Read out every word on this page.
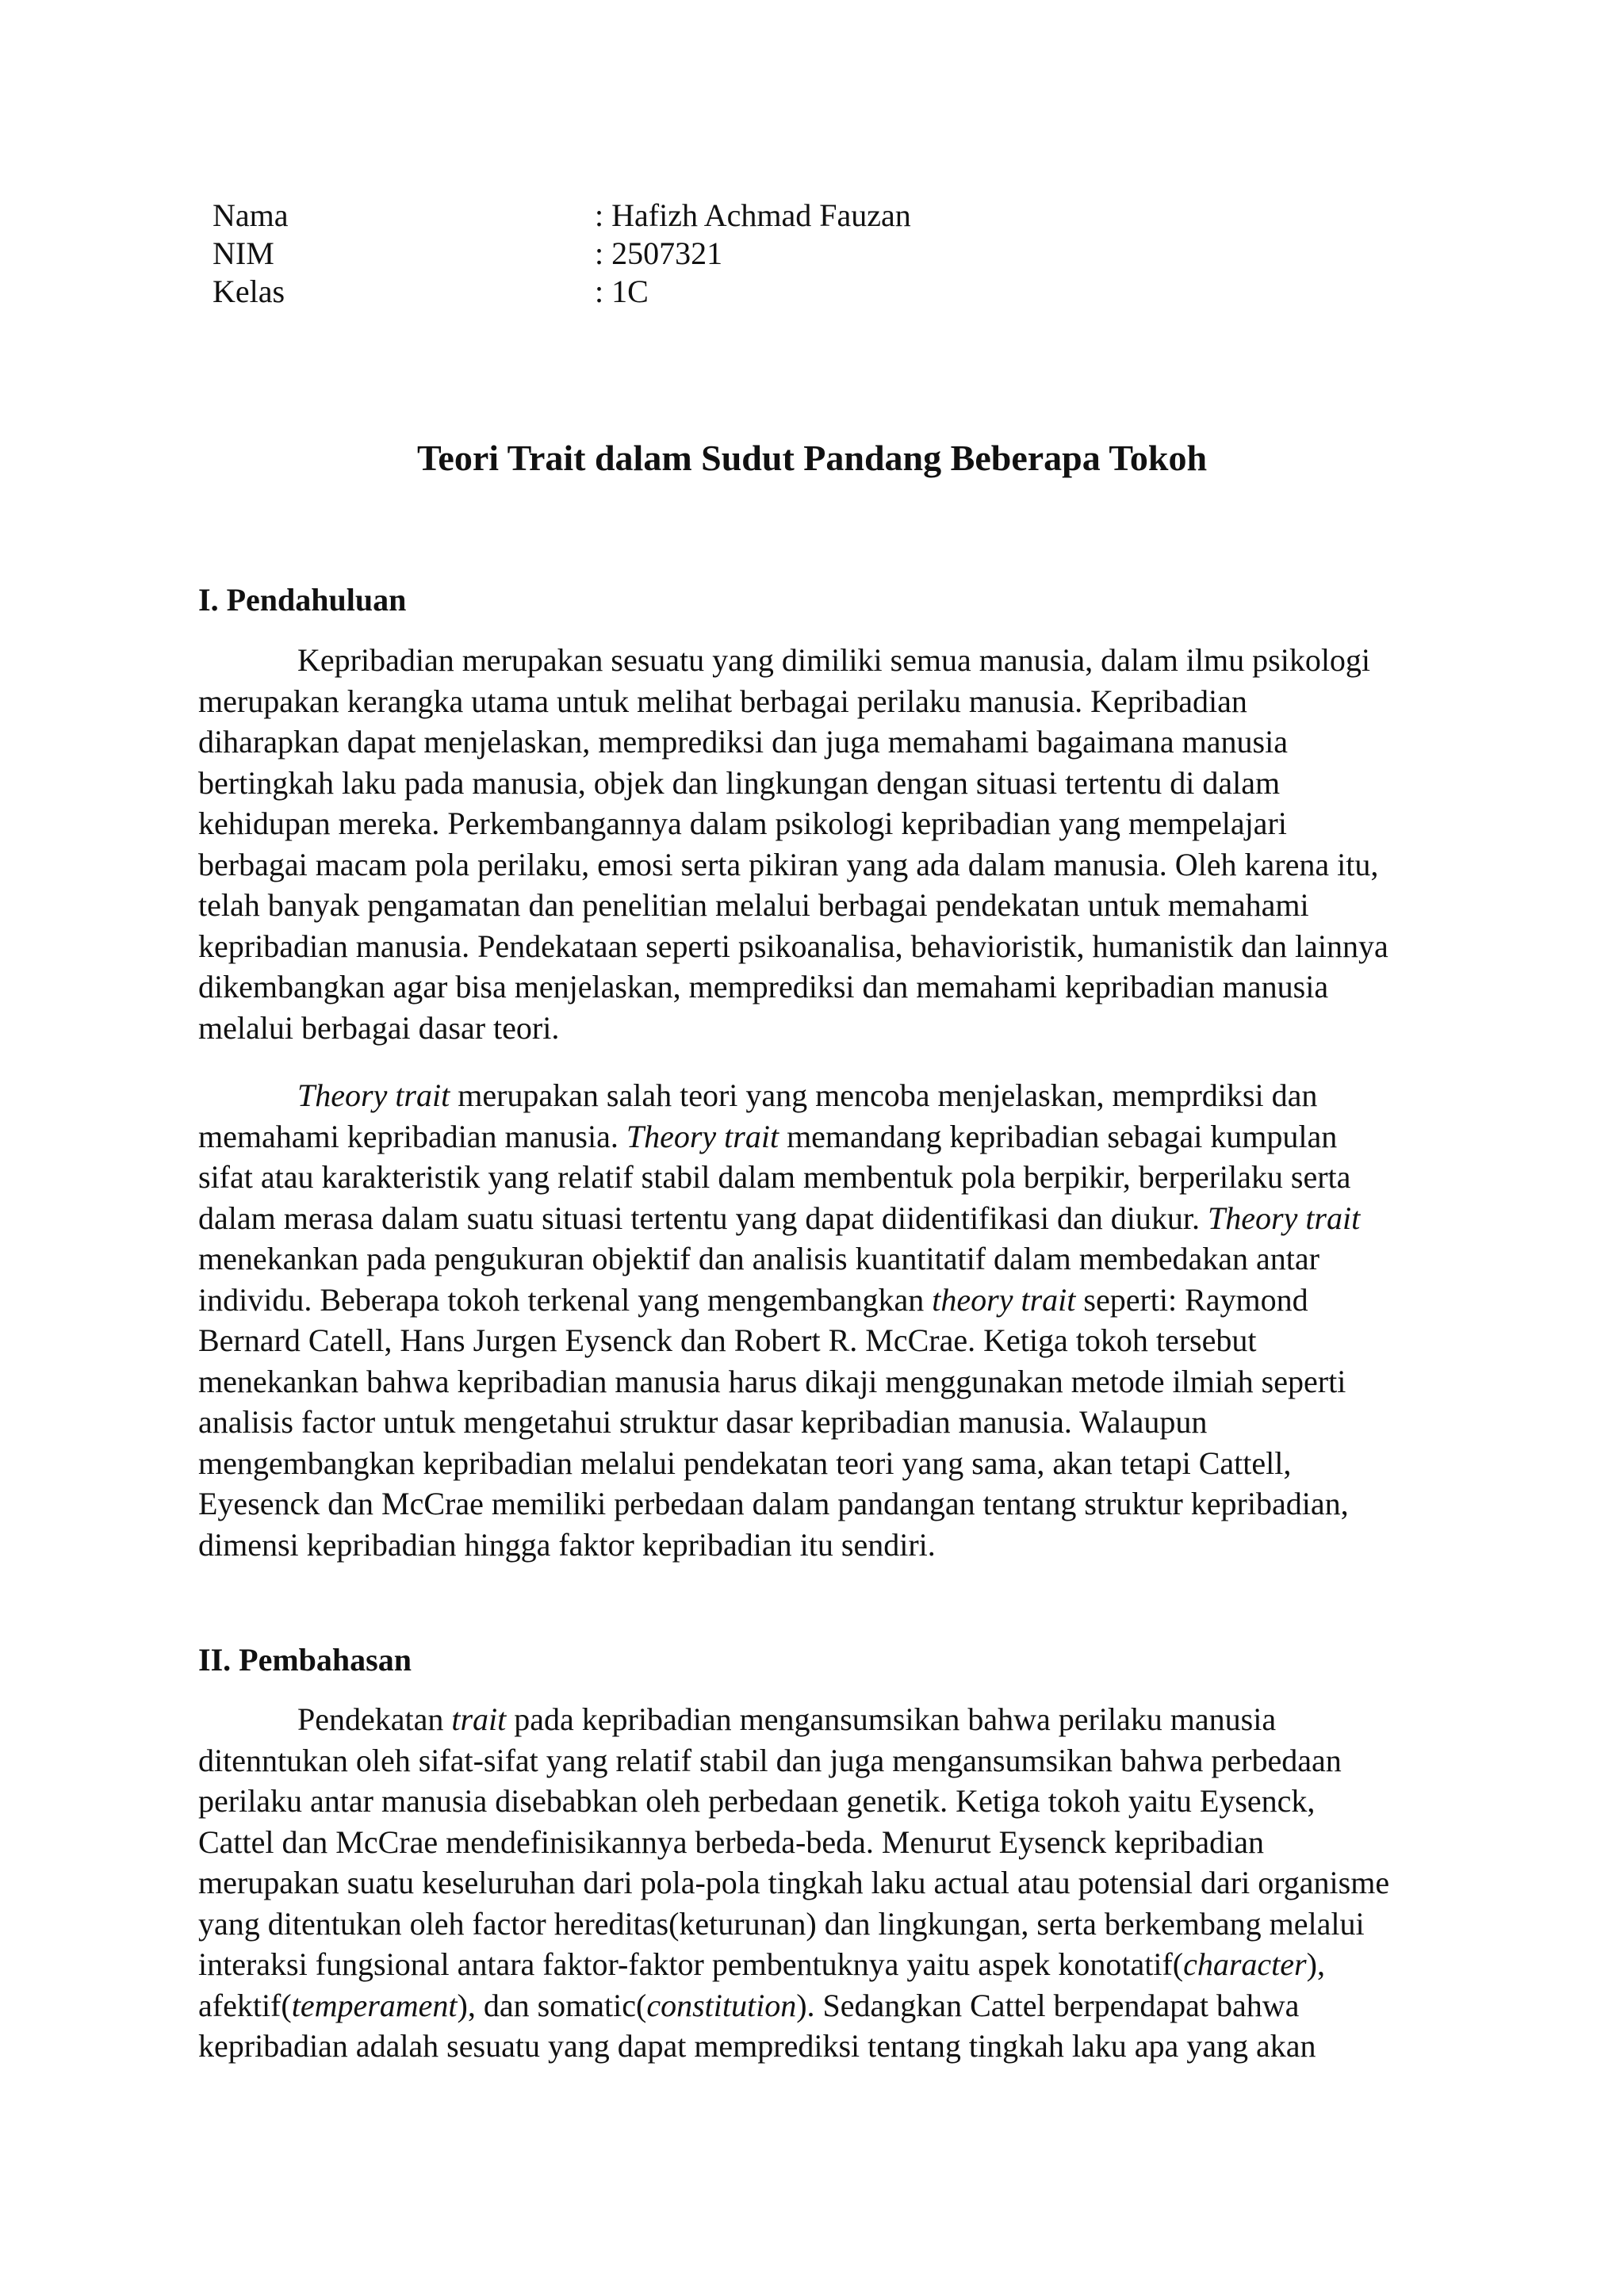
Nama	: Hafizh Achmad Fauzan
NIM	: 2507321
Kelas	: 1C
Teori Trait dalam Sudut Pandang Beberapa Tokoh
I. Pendahuluan
Kepribadian merupakan sesuatu yang dimiliki semua manusia, dalam ilmu psikologi
merupakan kerangka utama untuk melihat berbagai perilaku manusia. Kepribadian
diharapkan dapat menjelaskan, memprediksi dan juga memahami bagaimana manusia
bertingkah laku pada manusia, objek dan lingkungan dengan situasi tertentu di dalam
kehidupan mereka. Perkembangannya dalam psikologi kepribadian yang mempelajari
berbagai macam pola perilaku, emosi serta pikiran yang ada dalam manusia. Oleh karena itu,
telah banyak pengamatan dan penelitian melalui berbagai pendekatan untuk memahami
kepribadian manusia. Pendekataan seperti psikoanalisa, behavioristik, humanistik dan lainnya
dikembangkan agar bisa menjelaskan, memprediksi dan memahami kepribadian manusia
melalui berbagai dasar teori.
Theory trait merupakan salah teori yang mencoba menjelaskan, memprdiksi dan
memahami kepribadian manusia. Theory trait memandang kepribadian sebagai kumpulan
sifat atau karakteristik yang relatif stabil dalam membentuk pola berpikir, berperilaku serta
dalam merasa dalam suatu situasi tertentu yang dapat diidentifikasi dan diukur. Theory trait
menekankan pada pengukuran objektif dan analisis kuantitatif dalam membedakan antar
individu. Beberapa tokoh terkenal yang mengembangkan theory trait seperti: Raymond
Bernard Catell, Hans Jurgen Eysenck dan Robert R. McCrae. Ketiga tokoh tersebut
menekankan bahwa kepribadian manusia harus dikaji menggunakan metode ilmiah seperti
analisis factor untuk mengetahui struktur dasar kepribadian manusia. Walaupun
mengembangkan kepribadian melalui pendekatan teori yang sama, akan tetapi Cattell,
Eyesenck dan McCrae memiliki perbedaan dalam pandangan tentang struktur kepribadian,
dimensi kepribadian hingga faktor kepribadian itu sendiri.
II. Pembahasan
Pendekatan trait pada kepribadian mengansumsikan bahwa perilaku manusia
ditenntukan oleh sifat-sifat yang relatif stabil dan juga mengansumsikan bahwa perbedaan
perilaku antar manusia disebabkan oleh perbedaan genetik. Ketiga tokoh yaitu Eysenck,
Cattel dan McCrae mendefinisikannya berbeda-beda. Menurut Eysenck kepribadian
merupakan suatu keseluruhan dari pola-pola tingkah laku actual atau potensial dari organisme
yang ditentukan oleh factor hereditas(keturunan) dan lingkungan, serta berkembang melalui
interaksi fungsional antara faktor-faktor pembentuknya yaitu aspek konotatif(character),
afektif(temperament), dan somatic(constitution). Sedangkan Cattel berpendapat bahwa
kepribadian adalah sesuatu yang dapat memprediksi tentang tingkah laku apa yang akan
